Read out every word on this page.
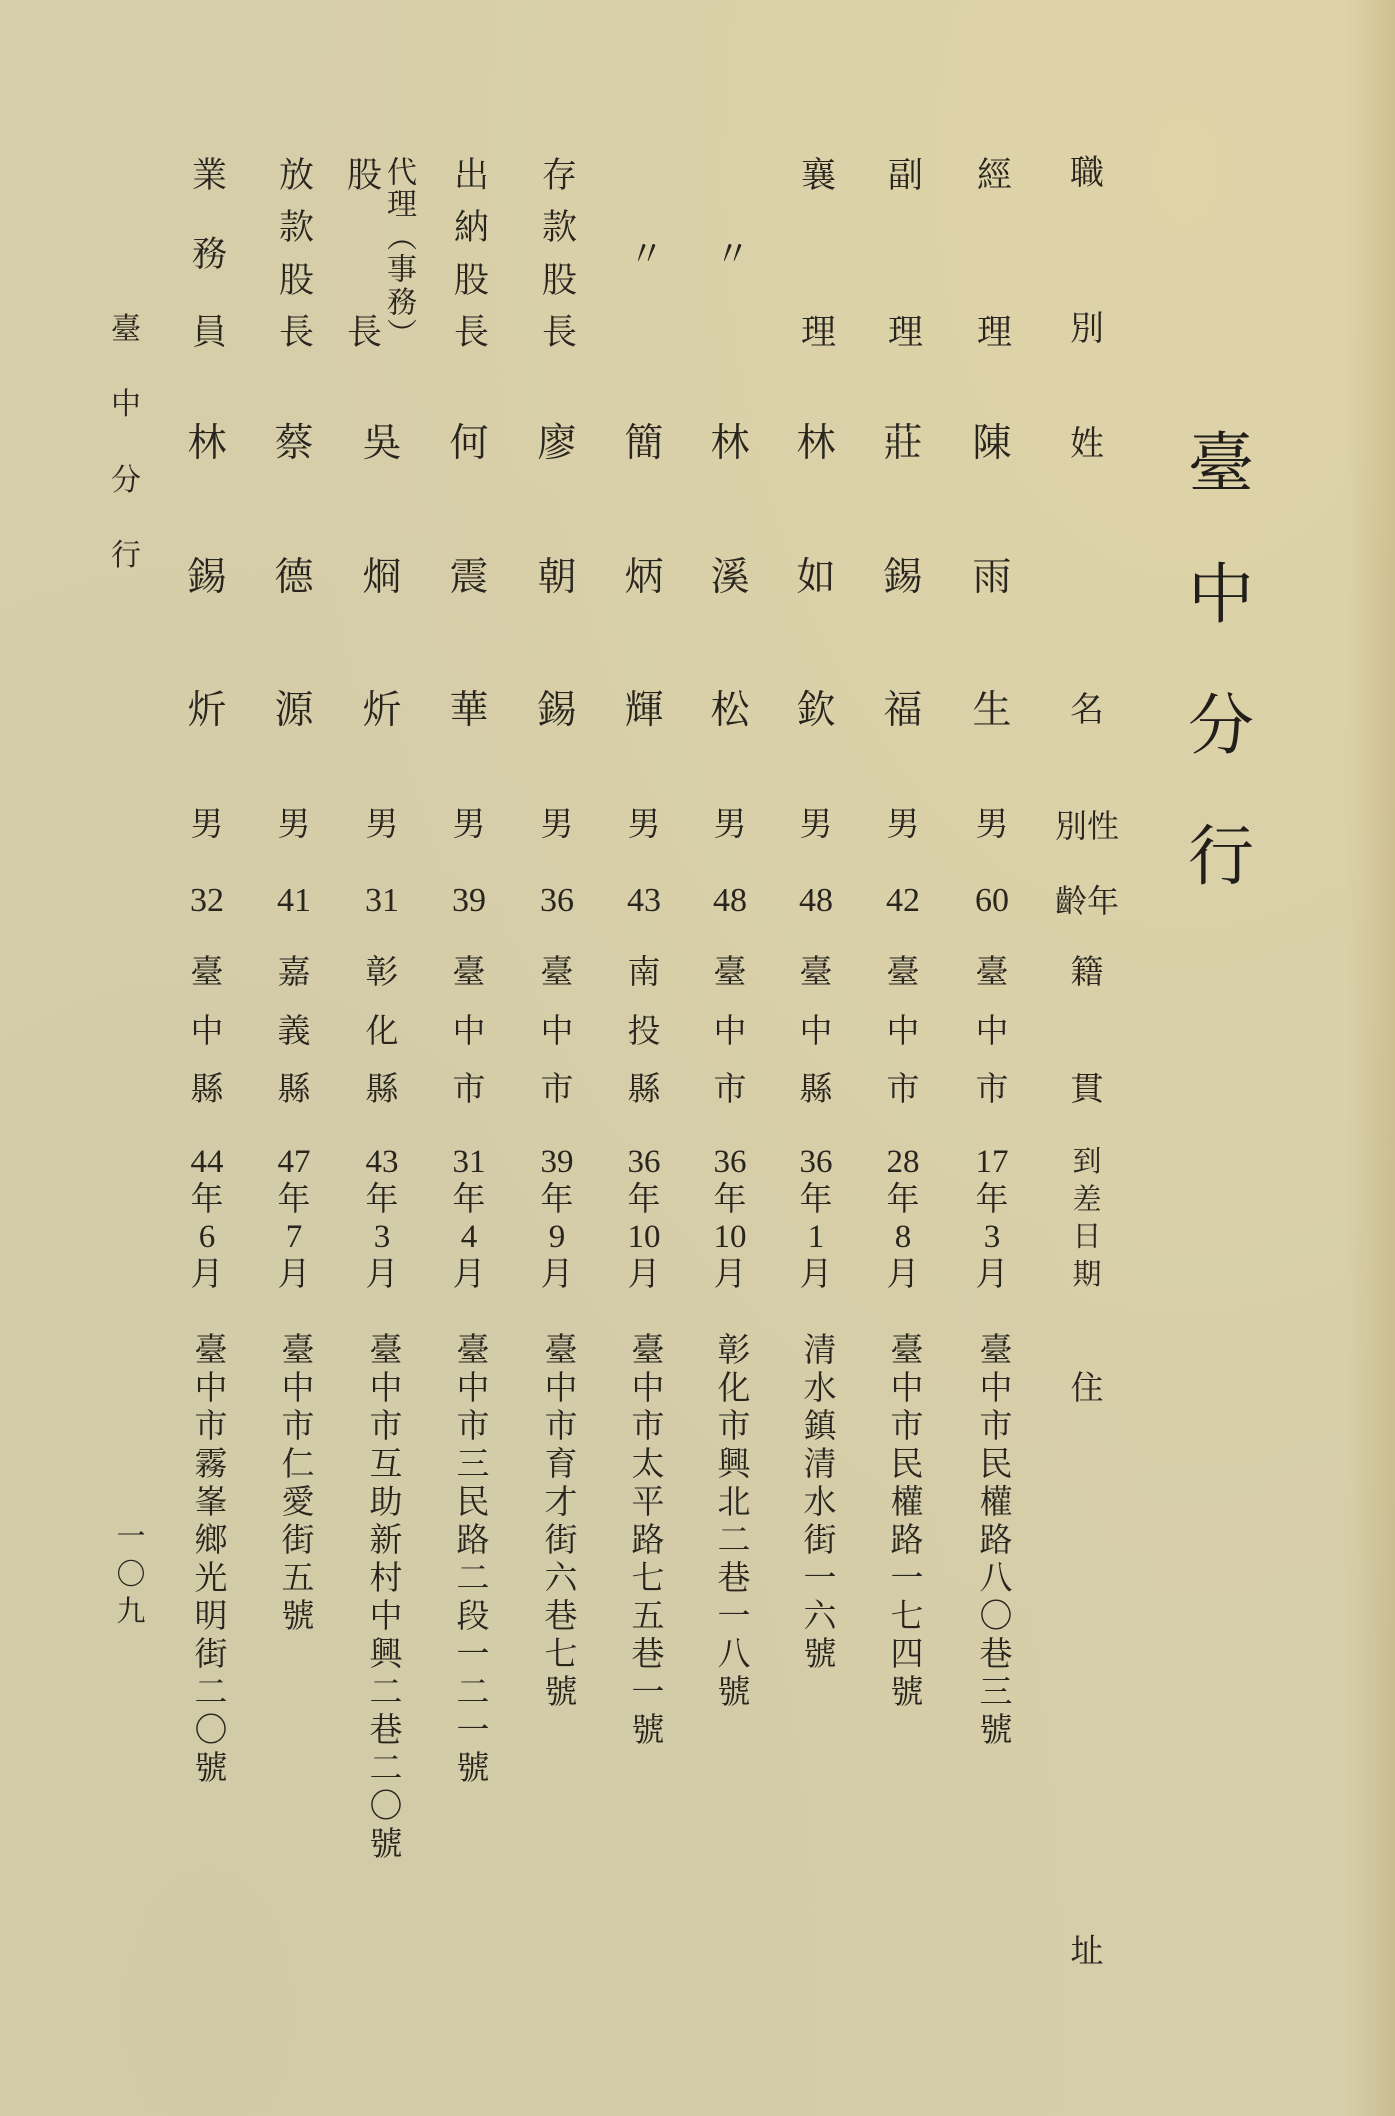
臺
中
分
行
職
別
姓
名
性別
年齡
籍
貫
到
差
日
期
住
址
經
理
陳
雨
生
男
60
臺
中
市
17
年
3
月
臺中市民權路八〇巷三號
副
理
莊
錫
福
男
42
臺
中
市
28
年
8
月
臺中市民權路一七四號
襄
理
林
如
欽
男
48
臺
中
縣
36
年
1
月
清水鎮清水街一六號
〃
林
溪
松
男
48
臺
中
市
36
年
10
月
彰化市興北二巷一八號
〃
簡
炳
輝
男
43
南
投
縣
36
年
10
月
臺中市太平路七五巷一號
存
款
股
長
廖
朝
錫
男
36
臺
中
市
39
年
9
月
臺中市育才街六巷七號
出
納
股
長
何
震
華
男
39
臺
中
市
31
年
4
月
臺中市三民路二段一二一號
代
理
（
事
務
）
股
長
吳
烱
炘
男
31
彰
化
縣
43
年
3
月
臺中市互助新村中興二巷二〇號
放
款
股
長
蔡
德
源
男
41
嘉
義
縣
47
年
7
月
臺中市仁愛街五號
業
務
員
林
錫
炘
男
32
臺
中
縣
44
年
6
月
臺中市霧峯鄉光明街二〇號
臺
中
分
行
一
〇
九
